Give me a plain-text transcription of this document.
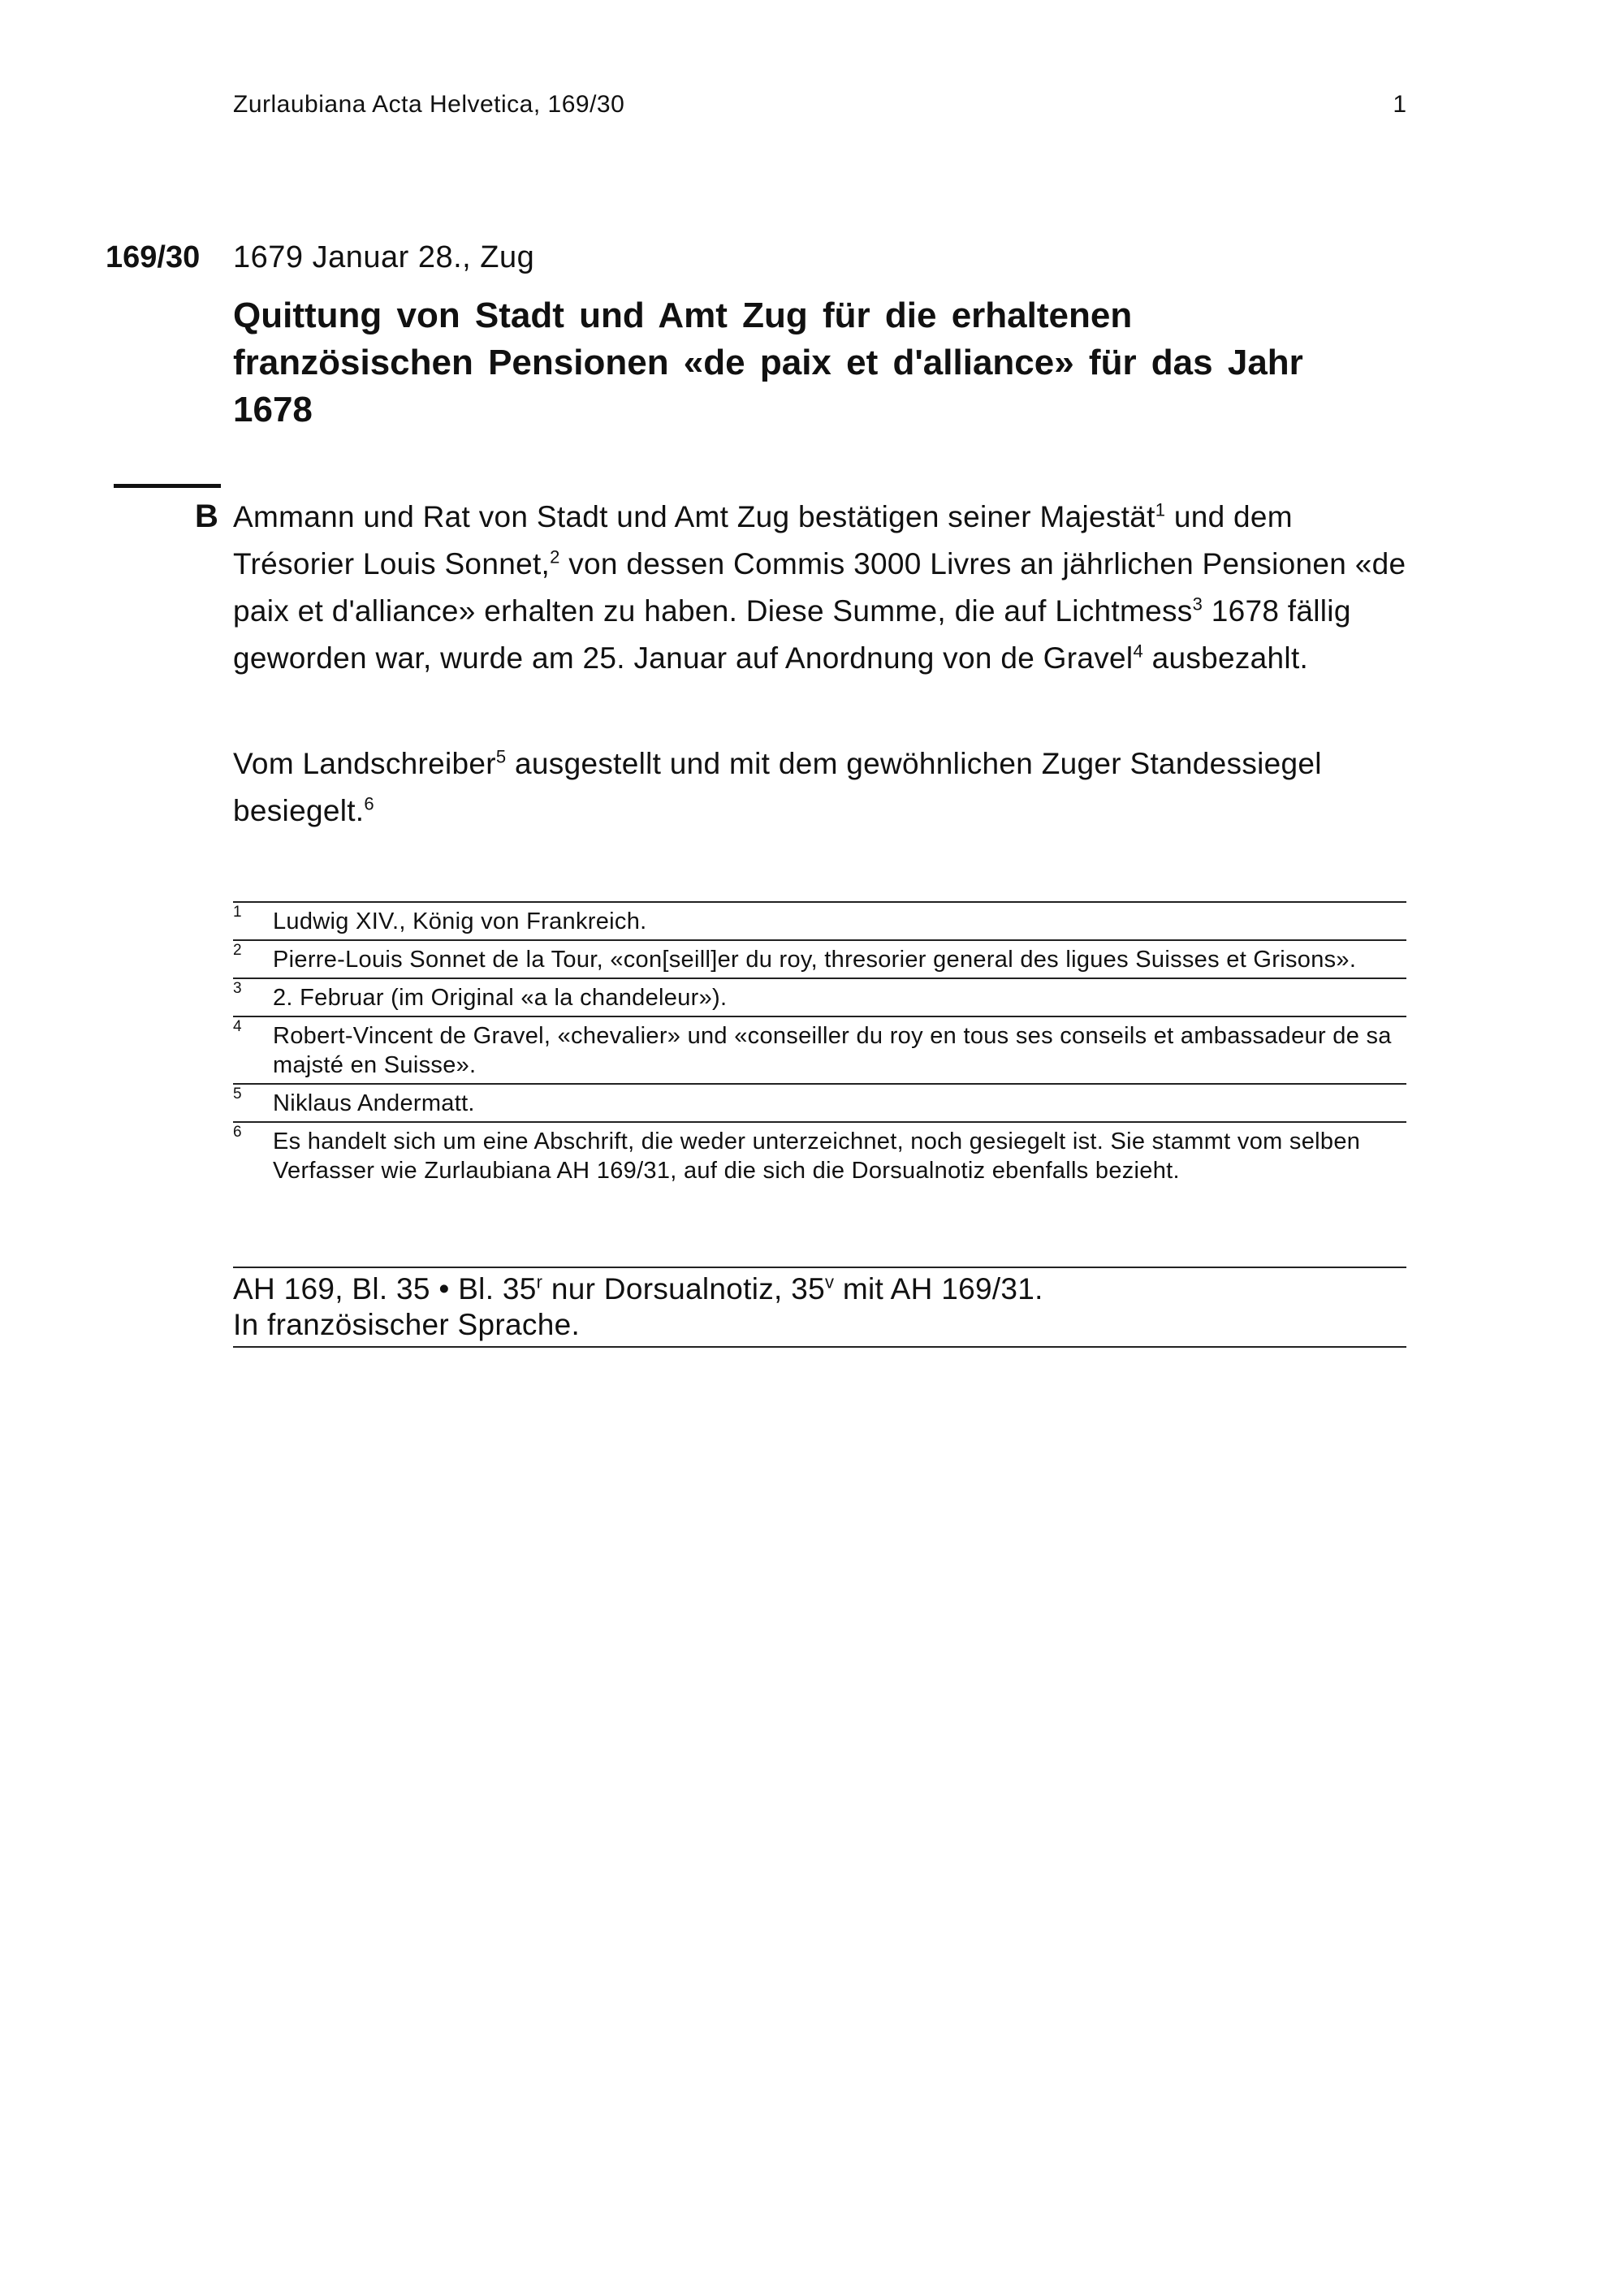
Zurlaubiana Acta Helvetica, 169/30	1
169/30 1679 Januar 28., Zug
Quittung von Stadt und Amt Zug für die erhaltenen französischen Pensionen «de paix et d'alliance» für das Jahr 1678
B Ammann und Rat von Stadt und Amt Zug bestätigen seiner Majestät$^1$ und dem Trésorier Louis Sonnet,$^2$ von dessen Commis 3000 Livres an jährlichen Pensionen «de paix et d'alliance» erhalten zu haben. Diese Summe, die auf Lichtmess$^3$ 1678 fällig geworden war, wurde am 25. Januar auf Anordnung von de Gravel$^4$ ausbezahlt.

Vom Landschreiber$^5$ ausgestellt und mit dem gewöhnlichen Zuger Standessiegel besiegelt.$^6$

1 Ludwig XIV., König von Frankreich.
2 Pierre-Louis Sonnet de la Tour, «con[seill]er du roy, thresorier general des ligues Suisses et Grisons».
3 2. Februar (im Original «a la chandeleur»).
4 Robert-Vincent de Gravel, «chevalier» und «conseiller du roy en tous ses conseils et ambassadeur de sa majsté en Suisse».
5 Niklaus Andermatt.
6 Es handelt sich um eine Abschrift, die weder unterzeichnet, noch gesiegelt ist. Sie stammt vom selben Verfasser wie Zurlaubiana AH 169/31, auf die sich die Dorsualnotiz ebenfalls bezieht.
AH 169, Bl. 35 • Bl. 35$^r$ nur Dorsualnotiz, 35$^v$ mit AH 169/31.
In französischer Sprache.
